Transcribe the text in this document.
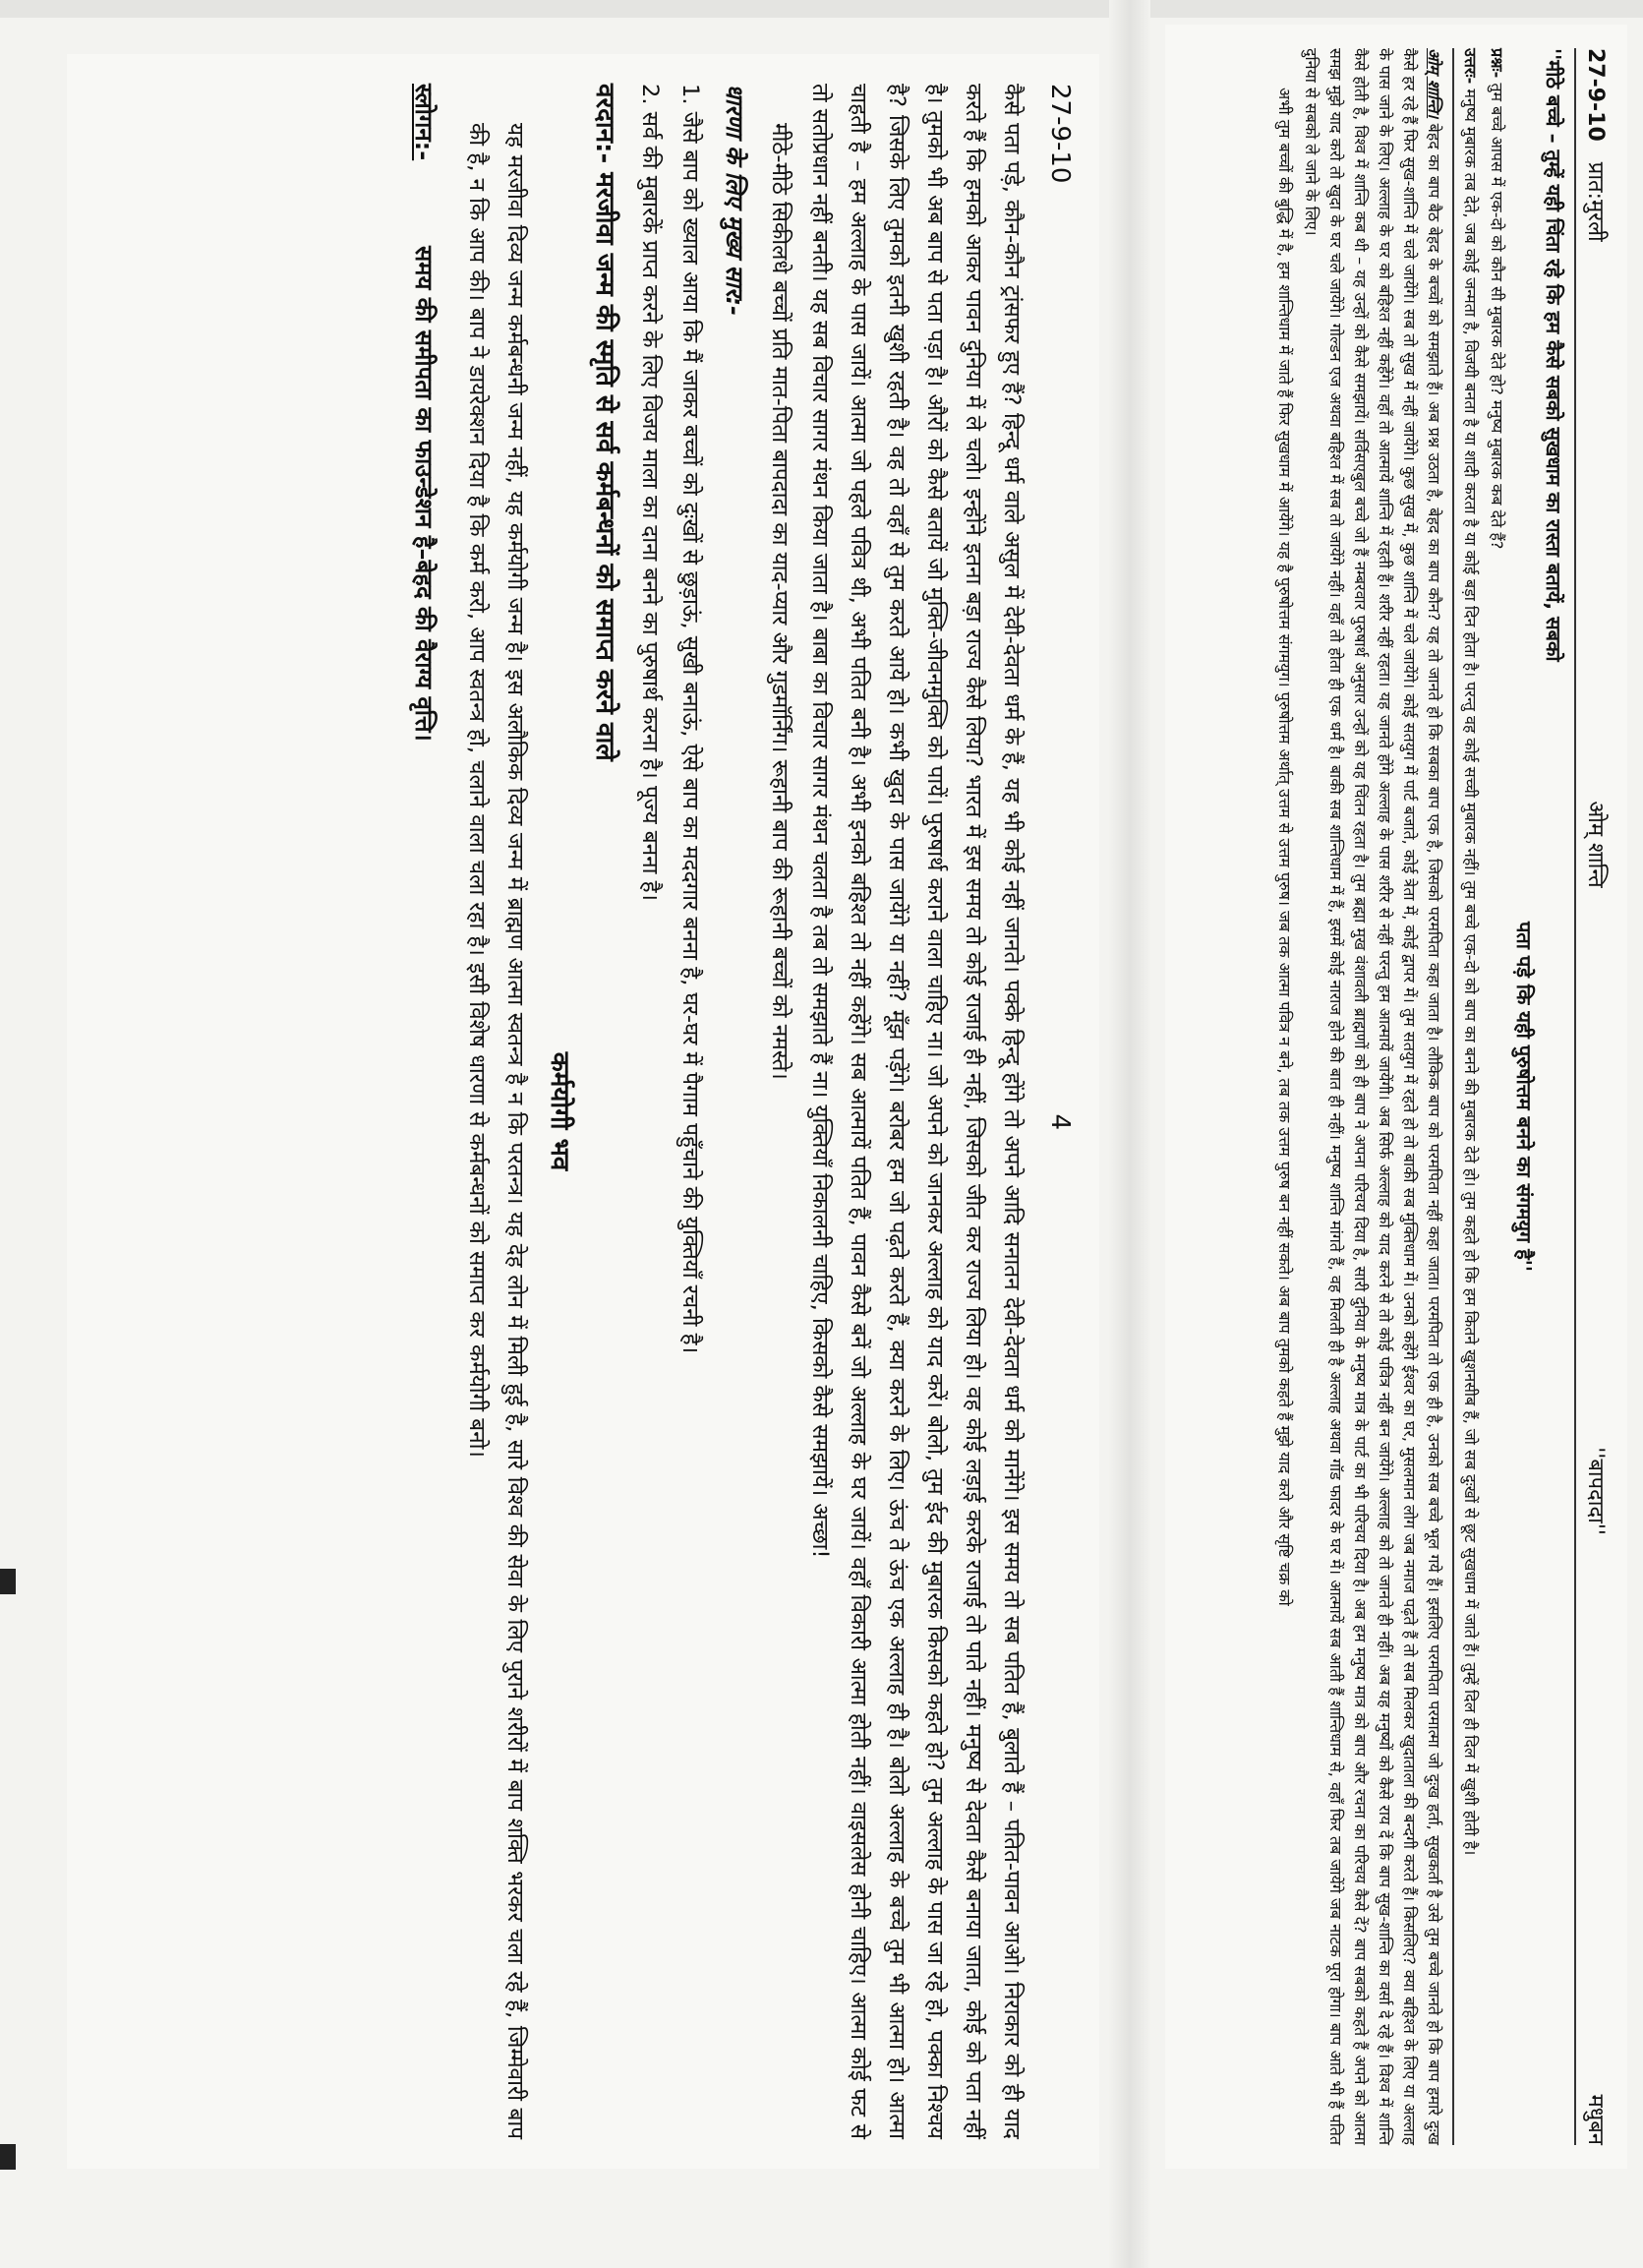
27-9-10
4

कैसे पता पड़े, कौन-कौन ट्रांसफर हुए हैं? हिन्दू धर्म वाले असुल में देवी-देवता धर्म के हैं, यह भी कोई नहीं जानते। पक्के हिन्दू होंगे तो अपने आदि सनातन देवी-देवता धर्म को मानेंगे। इस समय तो सब पतित हैं, बुलाते हैं – पतित-पावन आओ। निराकार को ही याद करते हैं कि हमको आकर पावन दुनिया में ले चलो। इन्होंने इतना बड़ा राज्य कैसे लिया? भारत में इस समय तो कोई राजाई ही नहीं, जिसको जीत कर राज्य लिया हो। वह कोई लड़ाई करके राजाई तो पाते नहीं। मनुष्य से देवता कैसे बनाया जाता, कोई को पता नहीं है। तुमको भी अब बाप से पता पड़ा है। औरों को कैसे बतायें जो मुक्ति-जीवनमुक्ति को पायें। पुरुषार्थ कराने वाला चाहिए ना। जो अपने को जानकर अल्लाह को याद करें। बोलो, तुम ईद की मुबारक किसको कहते हो? तुम अल्लाह के पास जा रहे हो, पक्का निश्चय है? जिसके लिए तुमको इतनी खुशी रहती है। वह तो वहाँ से तुम करते आये हो। कभी खुदा के पास जायेंगे या नहीं? मूँझ पड़ेंगे। बरोबर हम जो पढ़ते करते हैं, क्या करने के लिए। ऊंच ते ऊंच एक अल्लाह ही है। बोलो अल्लाह के बच्चे तुम भी आत्मा हो। आत्मा चाहती है – हम अल्लाह के पास जायें। आत्मा जो पहले पवित्र थी, अभी पतित बनी है। अभी इनको बहिश्त तो नहीं कहेंगे। सब आत्मायें पतित हैं, पावन कैसे बनें जो अल्लाह के घर जायें। वहाँ विकारी आत्मा होती नहीं। वाइसलेस होनी चाहिए। आत्मा कोई फट से तो सतोप्रधान नहीं बनती। यह सब विचार सागर मंथन किया जाता है। बाबा का विचार सागर मंथन चलता है तब तो समझाते हैं ना। युक्तियाँ निकालनी चाहिए, किसको कैसे समझायें। अच्छा!

मीठे-मीठे सिकीलधे बच्चों प्रति मात-पिता बापदादा का याद-प्यार और गुडमॉर्निंग। रूहानी बाप की रूहानी बच्चों को नमस्ते।

धारणा के लिए मुख्य सार:-

1. जैसे बाप को ख्याल आया कि मैं जाकर बच्चों को दुःखों से छुड़ाऊं, सुखी बनाऊं, ऐसे बाप का मददगार बनना है, घर-घर में पैगाम पहुँचाने की युक्तियाँ रचनी है।

2. सर्व की मुबारकें प्राप्त करने के लिए विजय माला का दाना बनने का पुरुषार्थ करना है। पूज्य बनना है।

वरदान:- मरजीवा जन्म की स्मृति से सर्व कर्मबन्धनों को समाप्त करने वाले
कर्मयोगी भव

यह मरजीवा दिव्य जन्म कर्मबन्धनी जन्म नहीं, यह कर्मयोगी जन्म है। इस अलौकिक दिव्य जन्म में ब्राह्मण आत्मा स्वतन्त्र है न कि परतन्त्र। यह देह लोन में मिली हुई है, सारे विश्व की सेवा के लिए पुराने शरीरों में बाप शक्ति भरकर चला रहे हैं, जिम्मेवारी बाप की है, न कि आप की। बाप ने डायरेक्शन दिया है कि कर्म करो, आप स्वतन्त्र हो, चलाने वाला चला रहा है। इसी विशेष धारणा से कर्मबन्धनों को समाप्त कर कर्मयोगी बनो।

स्लोगन:-  समय की समीपता का फाउन्डेशन है–बेहद की वैराग्य वृत्ति।
27-9-10   प्रात:मुरली
ओम् शान्ति
''बापदादा''
मधुबन
''मीठे बच्चे – तुम्हें यही चिंता रहे कि हम कैसे सबको सुखधाम का रास्ता बतायें, सबको
पता पड़े कि यही पुरुषोत्तम बनने का संगमयुग है''

प्रश्नः- तुम बच्चे आपस में एक-दो को कौन सी मुबारक देते हो? मनुष्य मुबारक कब देते हैं?

उत्तरः- मनुष्य मुबारक तब देते, जब कोई जन्मता है, विजयी बनता है या शादी करता है या कोई बड़ा दिन होता है। परन्तु वह कोई सच्ची मुबारक नहीं। तुम बच्चे एक-दो को बाप का बनने की मुबारक देते हो। तुम कहते हो कि हम कितने खुशनसीब हैं, जो सब दुःखों से छूट सुखधाम में जाते हैं। तुम्हें दिल ही दिल में खुशी होती है।

ओम् शान्ति। बेहद का बाप बैठ बेहद के बच्चों को समझाते हैं। अब प्रश्न उठता है, बेहद का बाप कौन? यह तो जानते हो कि सबका बाप एक है, जिसको परमपिता कहा जाता है। लौकिक बाप को परमपिता नहीं कहा जाता। परमपिता तो एक ही है, उनको सब बच्चे भूल गये हैं। इसलिए परमपिता परमात्मा जो दुःख हर्ता, सुखकर्ता है उसे तुम बच्चे जानते हो कि बाप हमारे दुःख कैसे हर रहे हैं फिर सुख-शान्ति में चले जायेंगे। सब तो सुख में नहीं जायेंगे। कुछ सुख में, कुछ शान्ति में चले जायेंगे। कोई सतयुग में पार्ट बजाते, कोई त्रेता में, कोई द्वापर में। तुम सतयुग में रहते हो तो बाकी सब मुक्तिधाम में। उनको कहेंगे ईश्वर का घर, मुसलमान लोग जब नमाज पढ़ते हैं तो सब मिलकर खुदाताला की बन्दगी करते हैं। किसलिए? क्या बहिश्त के लिए या अल्लाह के पास जाने के लिए। अल्लाह के घर को बहिश्त नहीं कहेंगे। वहाँ तो आत्मायें शान्ति में रहती हैं। शरीर नहीं रहता। यह जानते होंगे अल्लाह के पास शरीर से नहीं परन्तु हम आत्मायें जायेंगी। अब सिर्फ अल्लाह को याद करने से तो कोई पवित्र नहीं बन जायेंगे। अल्लाह को तो जानते ही नहीं। अब यह मनुष्यों को कैसे राय दें कि बाप सुख-शान्ति का वर्सा दे रहे हैं। विश्व में शान्ति कैसे होती है, विश्व में शान्ति कब थी – यह उन्हों को कैसे समझायें। सर्विसएबुल बच्चे जो हैं नम्बरवार पुरुषार्थ अनुसार उन्हों को यह चिंतन रहता है। तुम ब्रह्मा मुख वंशावली ब्राह्मणों को ही बाप ने अपना परिचय दिया है, सारी दुनिया के मनुष्य मात्र के पार्ट का भी परिचय दिया है। अब हम मनुष्य मात्र को बाप और रचना का परिचय कैसे दें? बाप सबको कहते हैं अपने को आत्मा समझ मुझे याद करो तो खुदा के घर चले जायेंगे। गोल्डन एज अथवा बहिश्त में सब तो जायेंगे नहीं। वहाँ तो होता ही एक धर्म है। बाकी सब शान्तिधाम में हैं, इसमें कोई नाराज होने की बात ही नहीं। मनुष्य शान्ति मांगते हैं, वह मिलती ही है अल्लाह अथवा गॉड फादर के घर में। आत्मायें सब आती हैं शान्तिधाम से, वहाँ फिर तब जायेंगे जब नाटक पूरा होगा। बाप आते भी हैं पतित दुनिया से सबको ले जाने के लिए।

अभी तुम बच्चों की बुद्धि में है, हम शान्तिधाम में जाते हैं फिर सुखधाम में आयेंगे। यह है पुरुषोत्तम संगमयुग। पुरुषोत्तम अर्थात् उत्तम से उत्तम पुरुष। जब तक आत्मा पवित्र न बने, तब तक उत्तम पुरुष बन नहीं सकते। अब बाप तुमको कहते हैं मुझे याद करो और सृष्टि चक्र को
